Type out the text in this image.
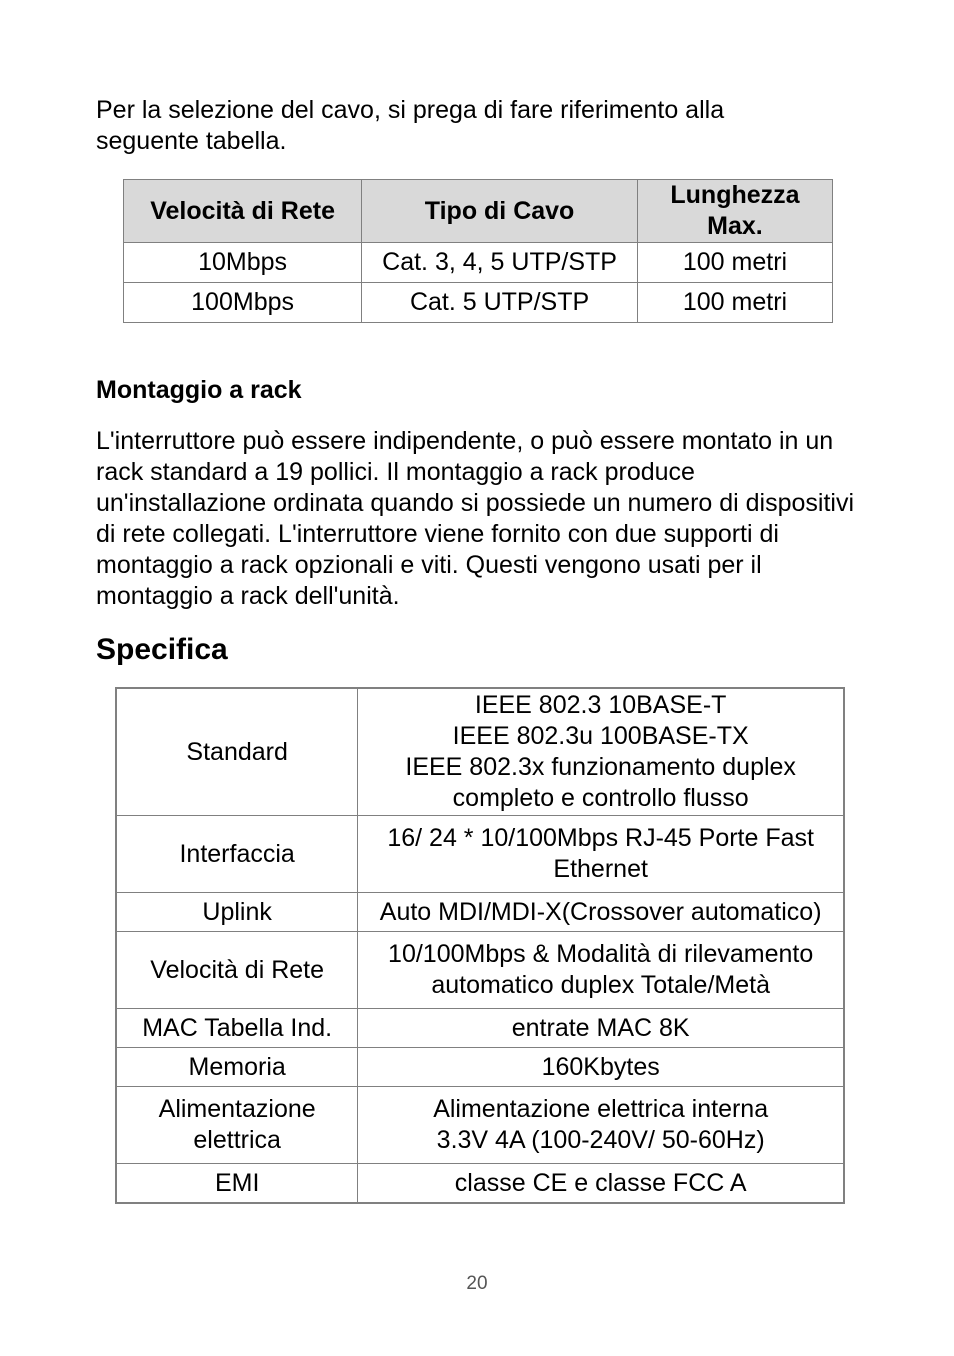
Per la selezione del cavo, si prega di fare riferimento alla seguente tabella.

Velocità di Rete	Tipo di Cavo	Lunghezza Max.
10Mbps	Cat. 3, 4, 5 UTP/STP	100 metri
100Mbps	Cat. 5 UTP/STP	100 metri
Montaggio a rack

L'interruttore può essere indipendente, o può essere montato in un rack standard a 19 pollici. Il montaggio a rack produce un'installazione ordinata quando si possiede un numero di dispositivi di rete collegati. L'interruttore viene fornito con due supporti di montaggio a rack opzionali e viti. Questi vengono usati per il montaggio a rack dell'unità.

Specifica
Standard	IEEE 802.3 10BASE-T
IEEE 802.3u 100BASE-TX
IEEE 802.3x funzionamento duplex completo e controllo flusso

Interfaccia	16/ 24 * 10/100Mbps RJ-45 Porte Fast Ethernet
Uplink	Auto MDI/MDI-X(Crossover automatico)
Velocità di Rete	10/100Mbps & Modalità di rilevamento automatico duplex Totale/Metà
MAC Tabella Ind.	entrate MAC 8K
Memoria	160Kbytes
Alimentazione elettrica	Alimentazione elettrica interna
3.3V 4A (100-240V/ 50-60Hz)

EMI	classe CE e classe FCC A
20
